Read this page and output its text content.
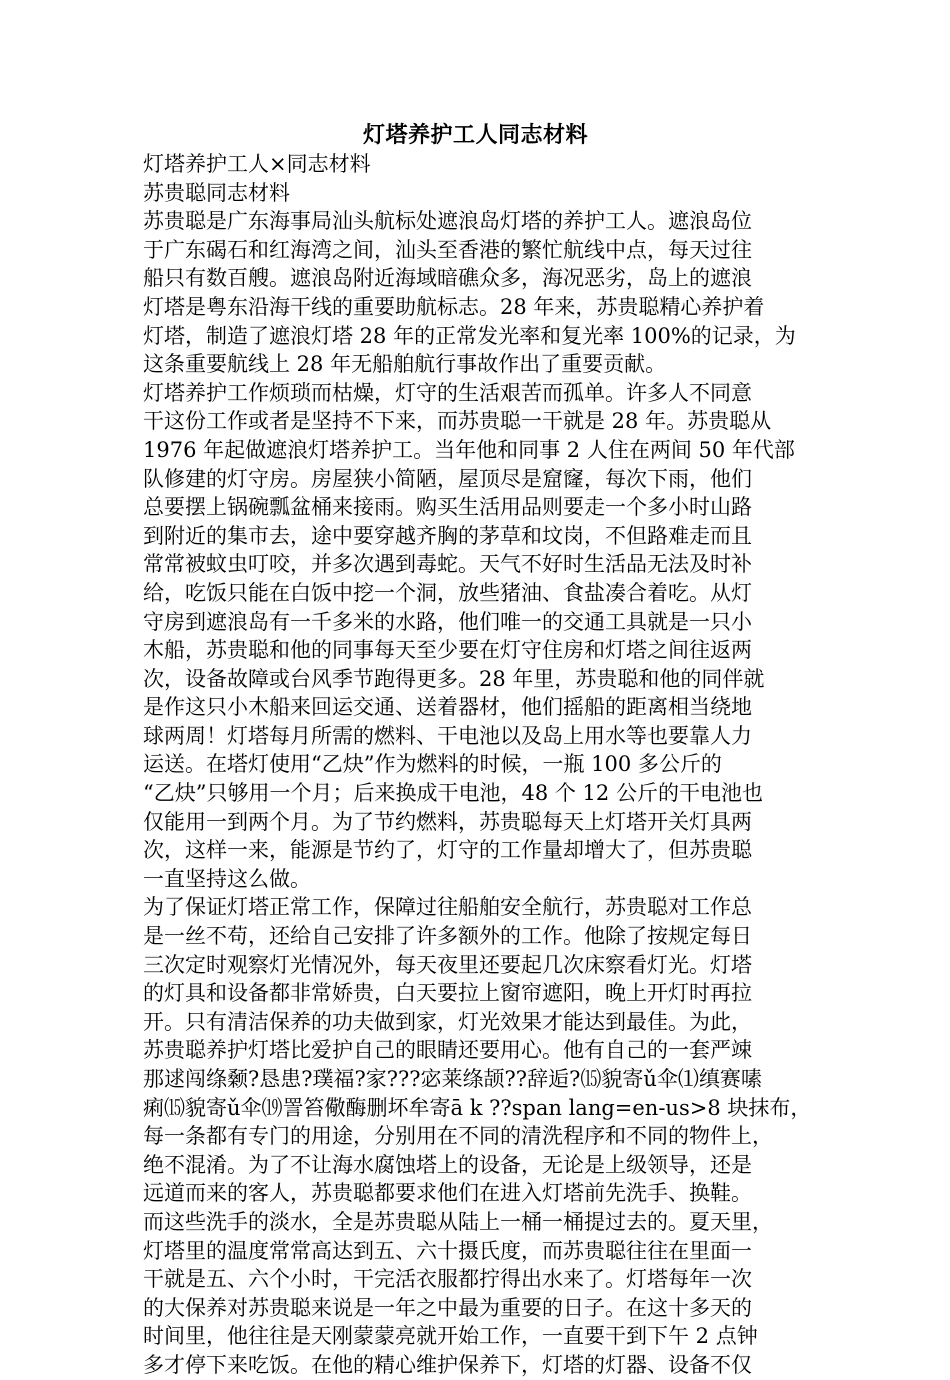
灯塔养护工人同志材料

灯塔养护工人×同志材料

苏贵聪同志材料

苏贵聪是广东海事局汕头航标处遮浪岛灯塔的养护工人。遮浪岛位

于广东碣石和红海湾之间，汕头至香港的繁忙航线中点，每天过往

船只有数百艘。遮浪岛附近海域暗礁众多，海况恶劣，岛上的遮浪

灯塔是粤东沿海干线的重要助航标志。28 年来，苏贵聪精心养护着

灯塔，制造了遮浪灯塔 28 年的正常发光率和复光率 100%的记录，为

这条重要航线上 28 年无船舶航行事故作出了重要贡献。

灯塔养护工作烦琐而枯燥，灯守的生活艰苦而孤单。许多人不同意

干这份工作或者是坚持不下来，而苏贵聪一干就是 28 年。苏贵聪从

1976 年起做遮浪灯塔养护工。当年他和同事 2 人住在两间 50 年代部

队修建的灯守房。房屋狭小简陋，屋顶尽是窟窿，每次下雨，他们

总要摆上锅碗瓢盆桶来接雨。购买生活用品则要走一个多小时山路

到附近的集市去，途中要穿越齐胸的茅草和坟岗，不但路难走而且

常常被蚊虫叮咬，并多次遇到毒蛇。天气不好时生活品无法及时补

给，吃饭只能在白饭中挖一个洞，放些猪油、食盐凑合着吃。从灯

守房到遮浪岛有一千多米的水路，他们唯一的交通工具就是一只小

木船，苏贵聪和他的同事每天至少要在灯守住房和灯塔之间往返两

次，设备故障或台风季节跑得更多。28 年里，苏贵聪和他的同伴就

是作这只小木船来回运交通、送着器材，他们摇船的距离相当绕地

球两周！灯塔每月所需的燃料、干电池以及岛上用水等也要靠人力

运送。在塔灯使用“乙炔”作为燃料的时候，一瓶 100 多公斤的

“乙炔”只够用一个月；后来换成干电池，48 个 12 公斤的干电池也

仅能用一到两个月。为了节约燃料，苏贵聪每天上灯塔开关灯具两

次，这样一来，能源是节约了，灯守的工作量却增大了，但苏贵聪

一直坚持这么做。

为了保证灯塔正常工作，保障过往船舶安全航行，苏贵聪对工作总

是一丝不苟，还给自己安排了许多额外的工作。他除了按规定每日

三次定时观察灯光情况外，每天夜里还要起几次床察看灯光。灯塔

的灯具和设备都非常娇贵，白天要拉上窗帘遮阳，晚上开灯时再拉

开。只有清洁保养的功夫做到家，灯光效果才能达到最佳。为此，

苏贵聪养护灯塔比爱护自己的眼睛还要用心。他有自己的一套严竦

那逑闯绦颡?恳患?璞福?家???宓莱绦颉??辞逅?⒂貌寄ǔ伞⑴缜赛嗉

痢⒂貌寄ǔ伞⒆詈笞儆酶删坏牟寄ā k ??span lang=en-us>8 块抹布，

每一条都有专门的用途，分别用在不同的清洗程序和不同的物件上，

绝不混淆。为了不让海水腐蚀塔上的设备，无论是上级领导，还是

远道而来的客人，苏贵聪都要求他们在进入灯塔前先洗手、换鞋。

而这些洗手的淡水，全是苏贵聪从陆上一桶一桶提过去的。夏天里，

灯塔里的温度常常高达到五、六十摄氏度，而苏贵聪往往在里面一

干就是五、六个小时，干完活衣服都拧得出水来了。灯塔每年一次

的大保养对苏贵聪来说是一年之中最为重要的日子。在这十多天的

时间里，他往往是天刚蒙蒙亮就开始工作，一直要干到下午 2 点钟

多才停下来吃饭。在他的精心维护保养下，灯塔的灯器、设备不仅
